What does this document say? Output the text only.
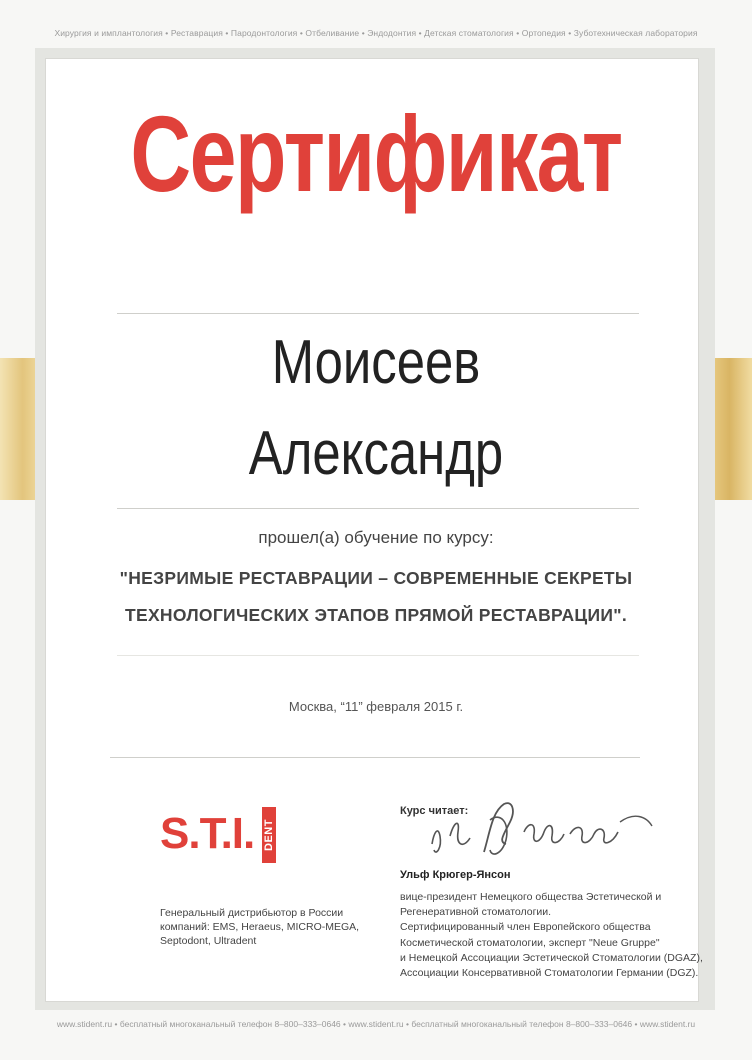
Хирургия и имплантология • Реставрация • Пародонтология • Отбеливание • Эндодонтия • Детская стоматология • Ортопедия • Зуботехническая лаборатория
Сертификат
Моисеев
Александр
прошел(а) обучение по курсу:
"НЕЗРИМЫЕ РЕСТАВРАЦИИ – СОВРЕМЕННЫЕ СЕКРЕТЫ
ТЕХНОЛОГИЧЕСКИХ ЭТАПОВ ПРЯМОЙ РЕСТАВРАЦИИ".
Москва, “11” февраля 2015 г.
S.T.I. DENT
Генеральный дистрибьютор в России
компаний: EMS, Heraeus, MICRO-MEGA,
Septodont, Ultradent
Курс читает:
Ульф Крюгер-Янсон
вице-президент Немецкого общества Эстетической и
Регенеративной стоматологии.
Сертифицированный член Европейского общества
Косметической стоматологии, эксперт "Neue Gruppe"
и Немецкой Ассоциации Эстетической Стоматологии (DGAZ),
Ассоциации Консервативной Стоматологии Германии (DGZ).
www.stident.ru • бесплатный многоканальный телефон 8–800–333–0646 • www.stident.ru • бесплатный многоканальный телефон 8–800–333–0646 • www.stident.ru
